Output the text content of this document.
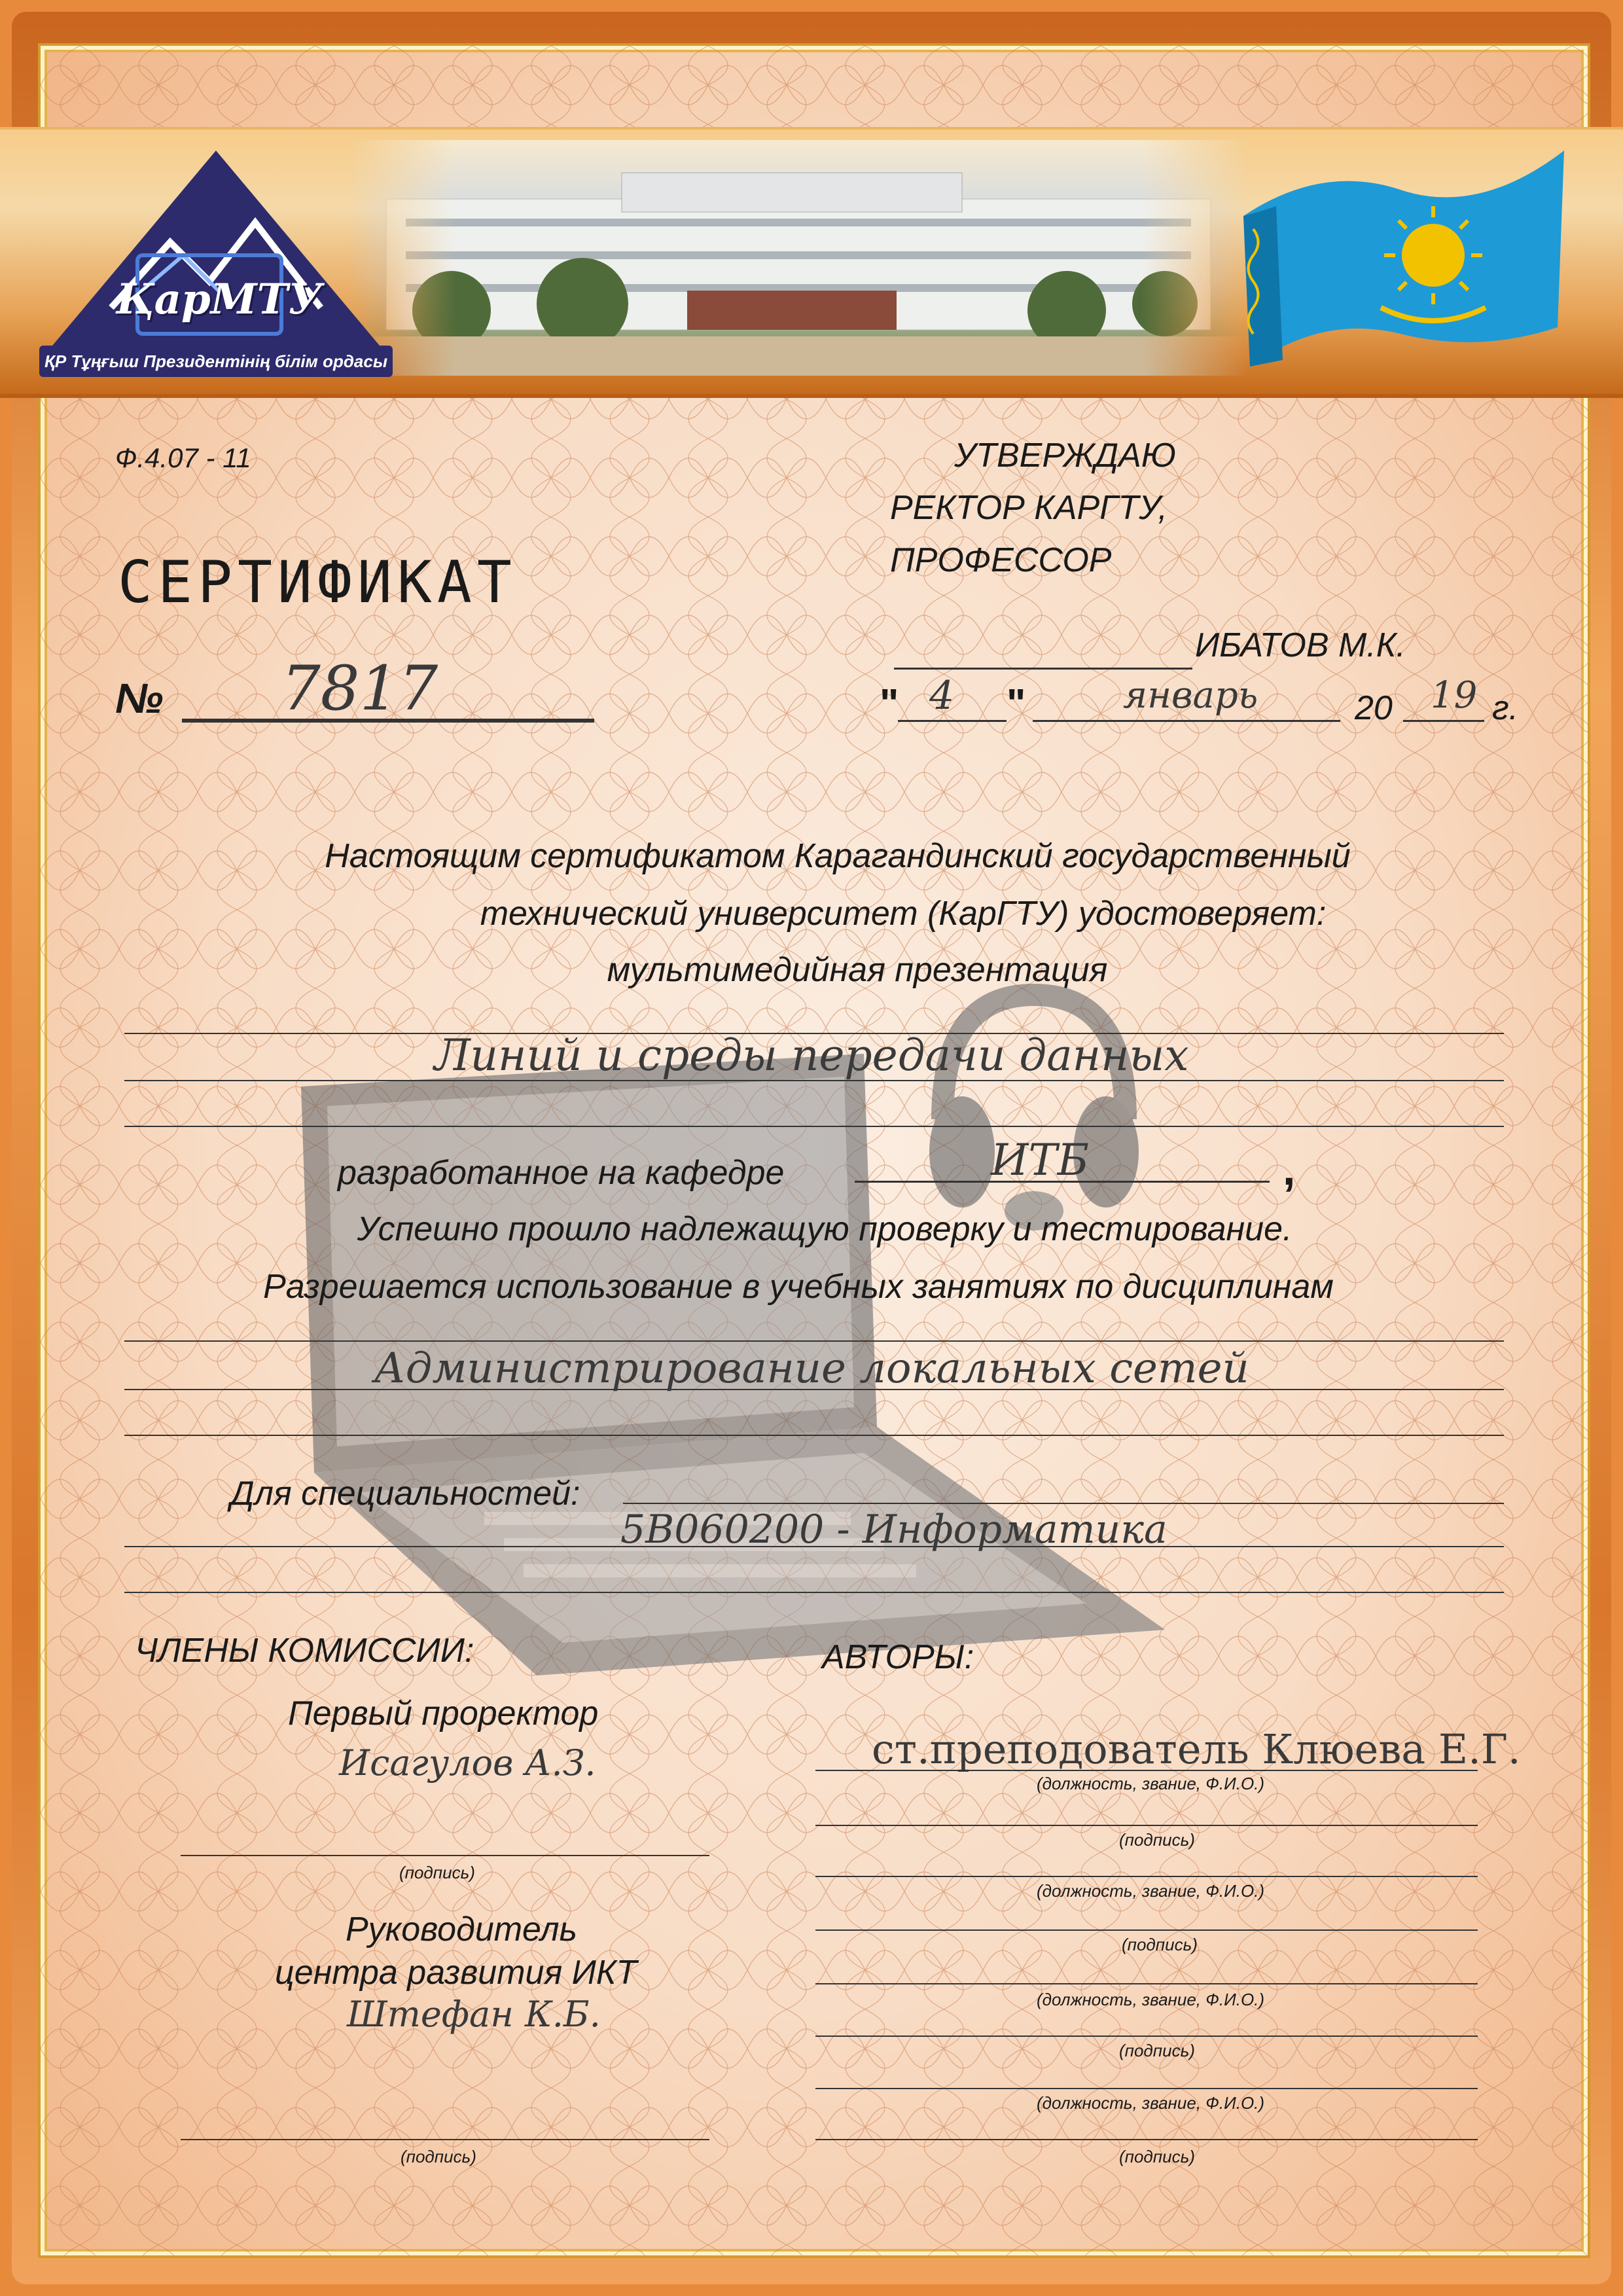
ҚарМТУ
ҚР Тұңғыш Президентінің білім ордасы
Ф.4.07 - 11
СЕРТИФИКАТ
№ 7817
УТВЕРЖДАЮ
РЕКТОР КАРГТУ,
ПРОФЕССОР
ИБАТОВ М.К.
" 4 "	январь	20 19 г.
Настоящим сертификатом Карагандинский государственный
технический университет (КарГТУ) удостоверяет:
мультимедийная презентация
Линий и среды передачи данных
разработанное на кафедре	ИТБ	,
Успешно прошло надлежащую проверку и тестирование.
Разрешается использование в учебных занятиях по дисциплинам
Администрирование локальных сетей
Для специальностей:
5В060200 - Информатика
ЧЛЕНЫ КОМИССИИ:
Первый проректор
Исагулов А.З.
(подпись)
Руководитель
центра развития ИКТ
Штефан К.Б.
(подпись)
АВТОРЫ:
ст.преподователь Клюева Е.Г.
(должность, звание, Ф.И.О.)
(подпись)
(должность, звание, Ф.И.О.)
(подпись)
(должность, звание, Ф.И.О.)
(подпись)
(должность, звание, Ф.И.О.)
(подпись)
